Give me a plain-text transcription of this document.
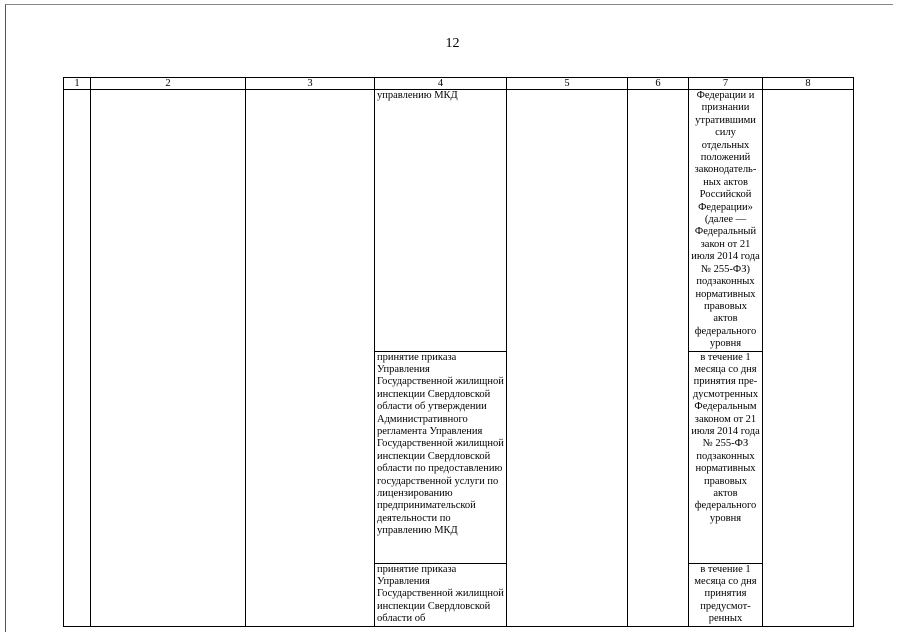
12
1	2	3	4	5	6	7	8

			управлению МКД			Федерации и признании утратившими силу отдельных положений законодатель-ных актов Российской Федерации» (далее — Федеральный закон от 21 июля 2014 года № 255-ФЗ) подзаконных нормативных правовых актов федерального уровня	

			принятие приказа Управления Государственной жилищной инспекции Свердловской области об утверждении Административного регламента Управления Государственной жилищной инспекции Свердловской области по предоставлению государственной услуги по лицензированию предпринимательской деятельности по управлению МКД			в течение 1 месяца со дня принятия пре-дусмотренных Федеральным законом от 21 июля 2014 года № 255-ФЗ подзаконных нормативных правовых актов федерального уровня	

			принятие приказа Управления Государственной жилищной инспекции Свердловской области об			в течение 1 месяца со дня принятия предусмот-ренных	
